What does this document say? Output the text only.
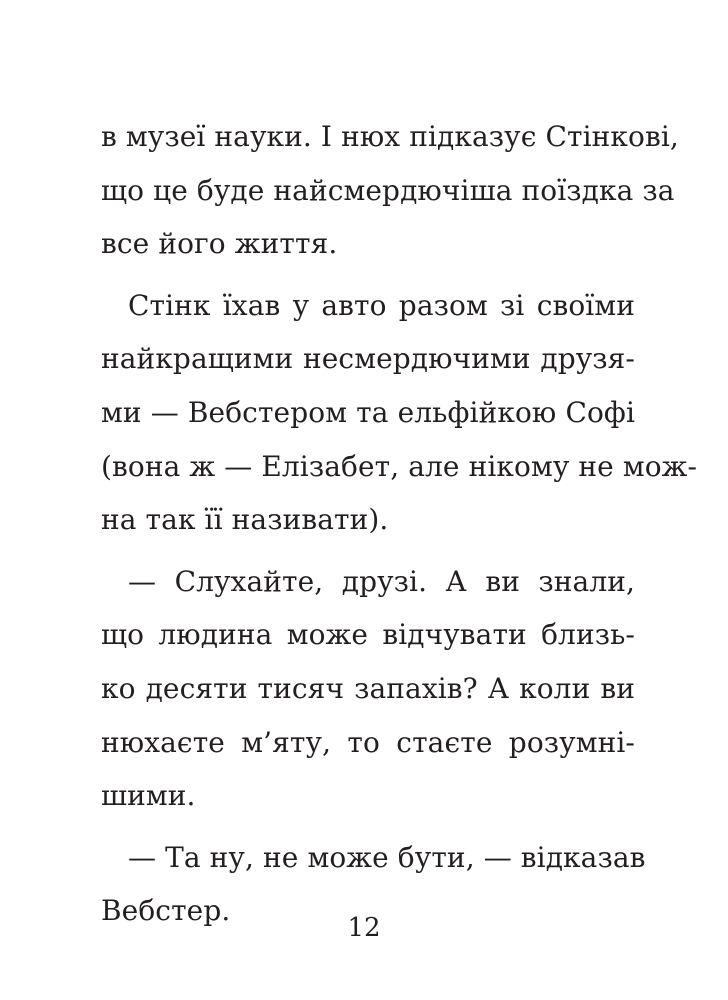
в музеї науки. І нюх підказує Стінкові,
що це буде найсмердючіша поїздка за
все його життя.
Стінк їхав у авто разом зі своїми
найкращими несмердючими друзя-
ми — Вебстером та ельфійкою Софі
(вона ж — Елізабет, але нікому не мож-
на так її називати).
— Слухайте, друзі. А ви знали,
що людина може відчувати близь-
ко десяти тисяч запахів? А коли ви
нюхаєте м’яту, то стаєте розумні-
шими.
— Та ну, не може бути, — відказав
Вебстер.
12
